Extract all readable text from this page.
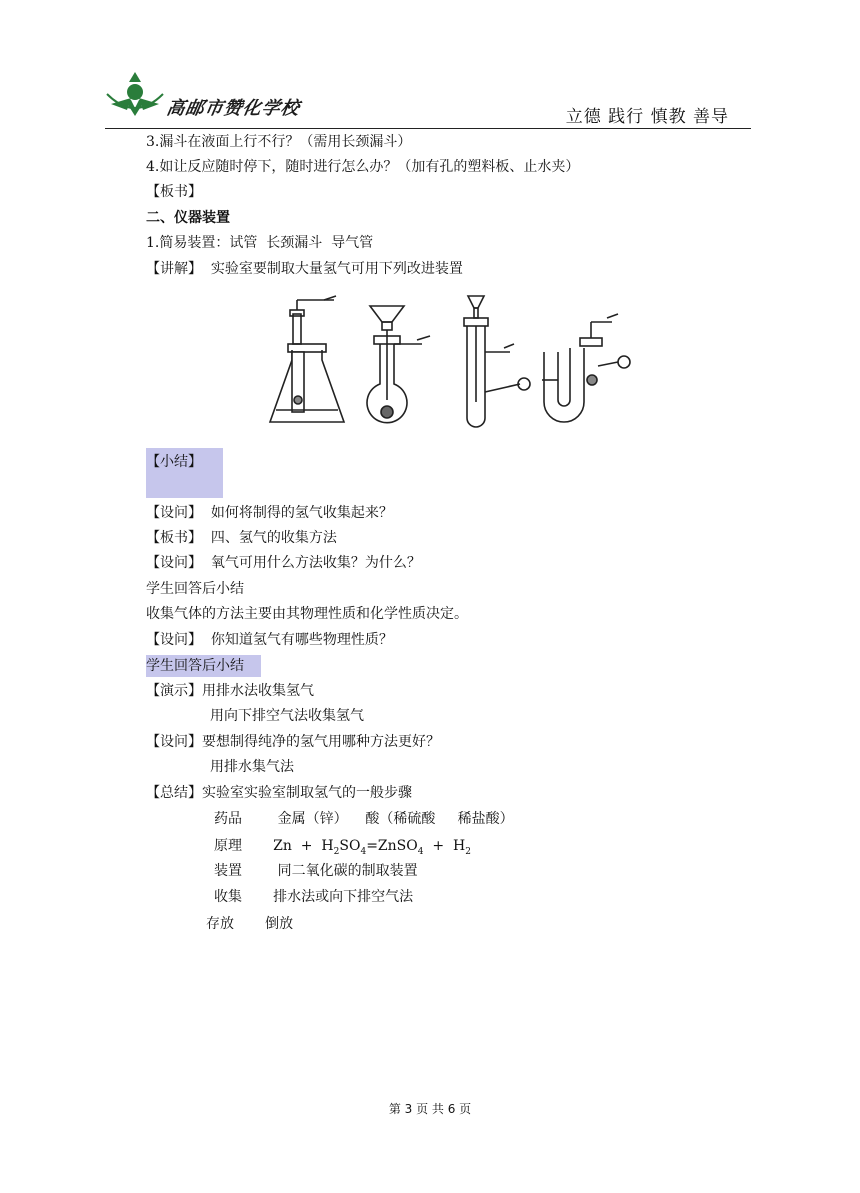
高邮市赞化学校	立德 践行 慎教 善导
3.漏斗在液面上行不行？（需用长颈漏斗）
4.如让反应随时停下，随时进行怎么办？（加有孔的塑料板、止水夹）
【板书】
二、仪器装置
1.简易装置：试管  长颈漏斗  导气管
【讲解】  实验室要制取大量氢气可用下列改进装置
【小结】
【设问】  如何将制得的氢气收集起来？
【板书】  四、氢气的收集方法
【设问】  氧气可用什么方法收集？为什么？
学生回答后小结
收集气体的方法主要由其物理性质和化学性质决定。
【设问】  你知道氢气有哪些物理性质？
学生回答后小结
【演示】用排水法收集氢气
用向下排空气法收集氢气
【设问】要想制得纯净的氢气用哪种方法更好？
用排水集气法
【总结】实验室实验室制取氢气的一般步骤
药品        金属（锌）    酸（稀硫酸     稀盐酸）
原理       $Zn + H_2SO_4=ZnSO_4 + H_2$
装置        同二氧化碳的制取装置
收集       排水法或向下排空气法
存放       倒放
第 3 页 共 6 页
